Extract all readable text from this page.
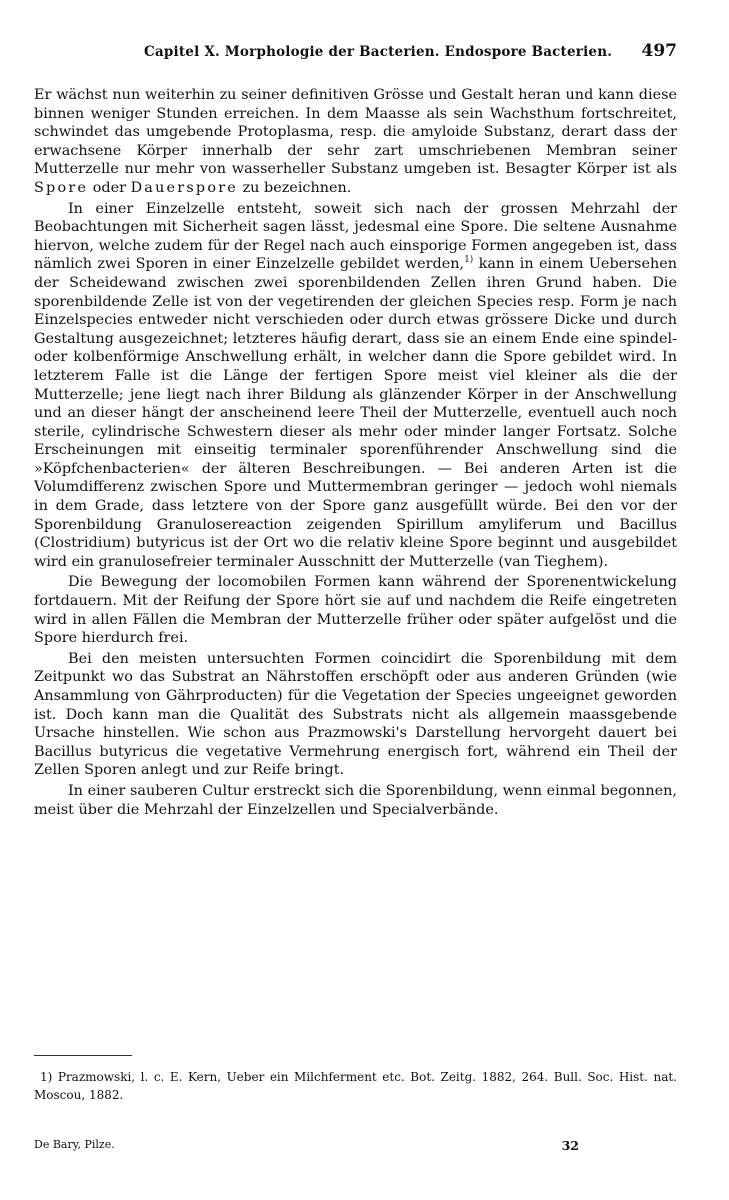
Capitel X. Morphologie der Bacterien. Endospore Bacterien. 497

Er wächst nun weiterhin zu seiner definitiven Grösse und Gestalt heran und kann diese binnen weniger Stunden erreichen. In dem Maasse als sein Wachsthum fortschreitet, schwindet das umgebende Protoplasma, resp. die amyloide Substanz, derart dass der erwachsene Körper innerhalb der sehr zart umschriebenen Membran seiner Mutterzelle nur mehr von wasserheller Substanz umgeben ist. Besagter Körper ist als Spore oder Dauerspore zu bezeichnen.

In einer Einzelzelle entsteht, soweit sich nach der grossen Mehrzahl der Beobachtungen mit Sicherheit sagen lässt, jedesmal eine Spore. Die seltene Ausnahme hiervon, welche zudem für der Regel nach auch einsporige Formen angegeben ist, dass nämlich zwei Sporen in einer Einzelzelle gebildet werden,$^{1)}$ kann in einem Uebersehen der Scheidewand zwischen zwei sporenbildenden Zellen ihren Grund haben. Die sporenbildende Zelle ist von der vegetirenden der gleichen Species resp. Form je nach Einzelspecies entweder nicht verschieden oder durch etwas grössere Dicke und durch Gestaltung ausgezeichnet; letzteres häufig derart, dass sie an einem Ende eine spindel- oder kolbenförmige Anschwellung erhält, in welcher dann die Spore gebildet wird. In letzterem Falle ist die Länge der fertigen Spore meist viel kleiner als die der Mutterzelle; jene liegt nach ihrer Bildung als glänzender Körper in der Anschwellung und an dieser hängt der anscheinend leere Theil der Mutterzelle, eventuell auch noch sterile, cylindrische Schwestern dieser als mehr oder minder langer Fortsatz. Solche Erscheinungen mit einseitig terminaler sporenführender Anschwellung sind die »Köpfchenbacterien« der älteren Beschreibungen. — Bei anderen Arten ist die Volumdifferenz zwischen Spore und Muttermembran geringer — jedoch wohl niemals in dem Grade, dass letztere von der Spore ganz ausgefüllt würde. Bei den vor der Sporenbildung Granulosereaction zeigenden Spirillum amyliferum und Bacillus (Clostridium) butyricus ist der Ort wo die relativ kleine Spore beginnt und ausgebildet wird ein granulosefreier terminaler Ausschnitt der Mutterzelle (van Tieghem).

Die Bewegung der locomobilen Formen kann während der Sporenentwickelung fortdauern. Mit der Reifung der Spore hört sie auf und nachdem die Reife eingetreten wird in allen Fällen die Membran der Mutterzelle früher oder später aufgelöst und die Spore hierdurch frei.

Bei den meisten untersuchten Formen coincidirt die Sporenbildung mit dem Zeitpunkt wo das Substrat an Nährstoffen erschöpft oder aus anderen Gründen (wie Ansammlung von Gährproducten) für die Vegetation der Species ungeeignet geworden ist. Doch kann man die Qualität des Substrats nicht als allgemein maassgebende Ursache hinstellen. Wie schon aus Prazmowski's Darstellung hervorgeht dauert bei Bacillus butyricus die vegetative Vermehrung energisch fort, während ein Theil der Zellen Sporen anlegt und zur Reife bringt.

In einer sauberen Cultur erstreckt sich die Sporenbildung, wenn einmal begonnen, meist über die Mehrzahl der Einzelzellen und Specialverbände.

1) Prazmowski, l. c. E. Kern, Ueber ein Milchferment etc. Bot. Zeitg. 1882, 264. Bull. Soc. Hist. nat. Moscou, 1882.
De Bary, Pilze.	32
